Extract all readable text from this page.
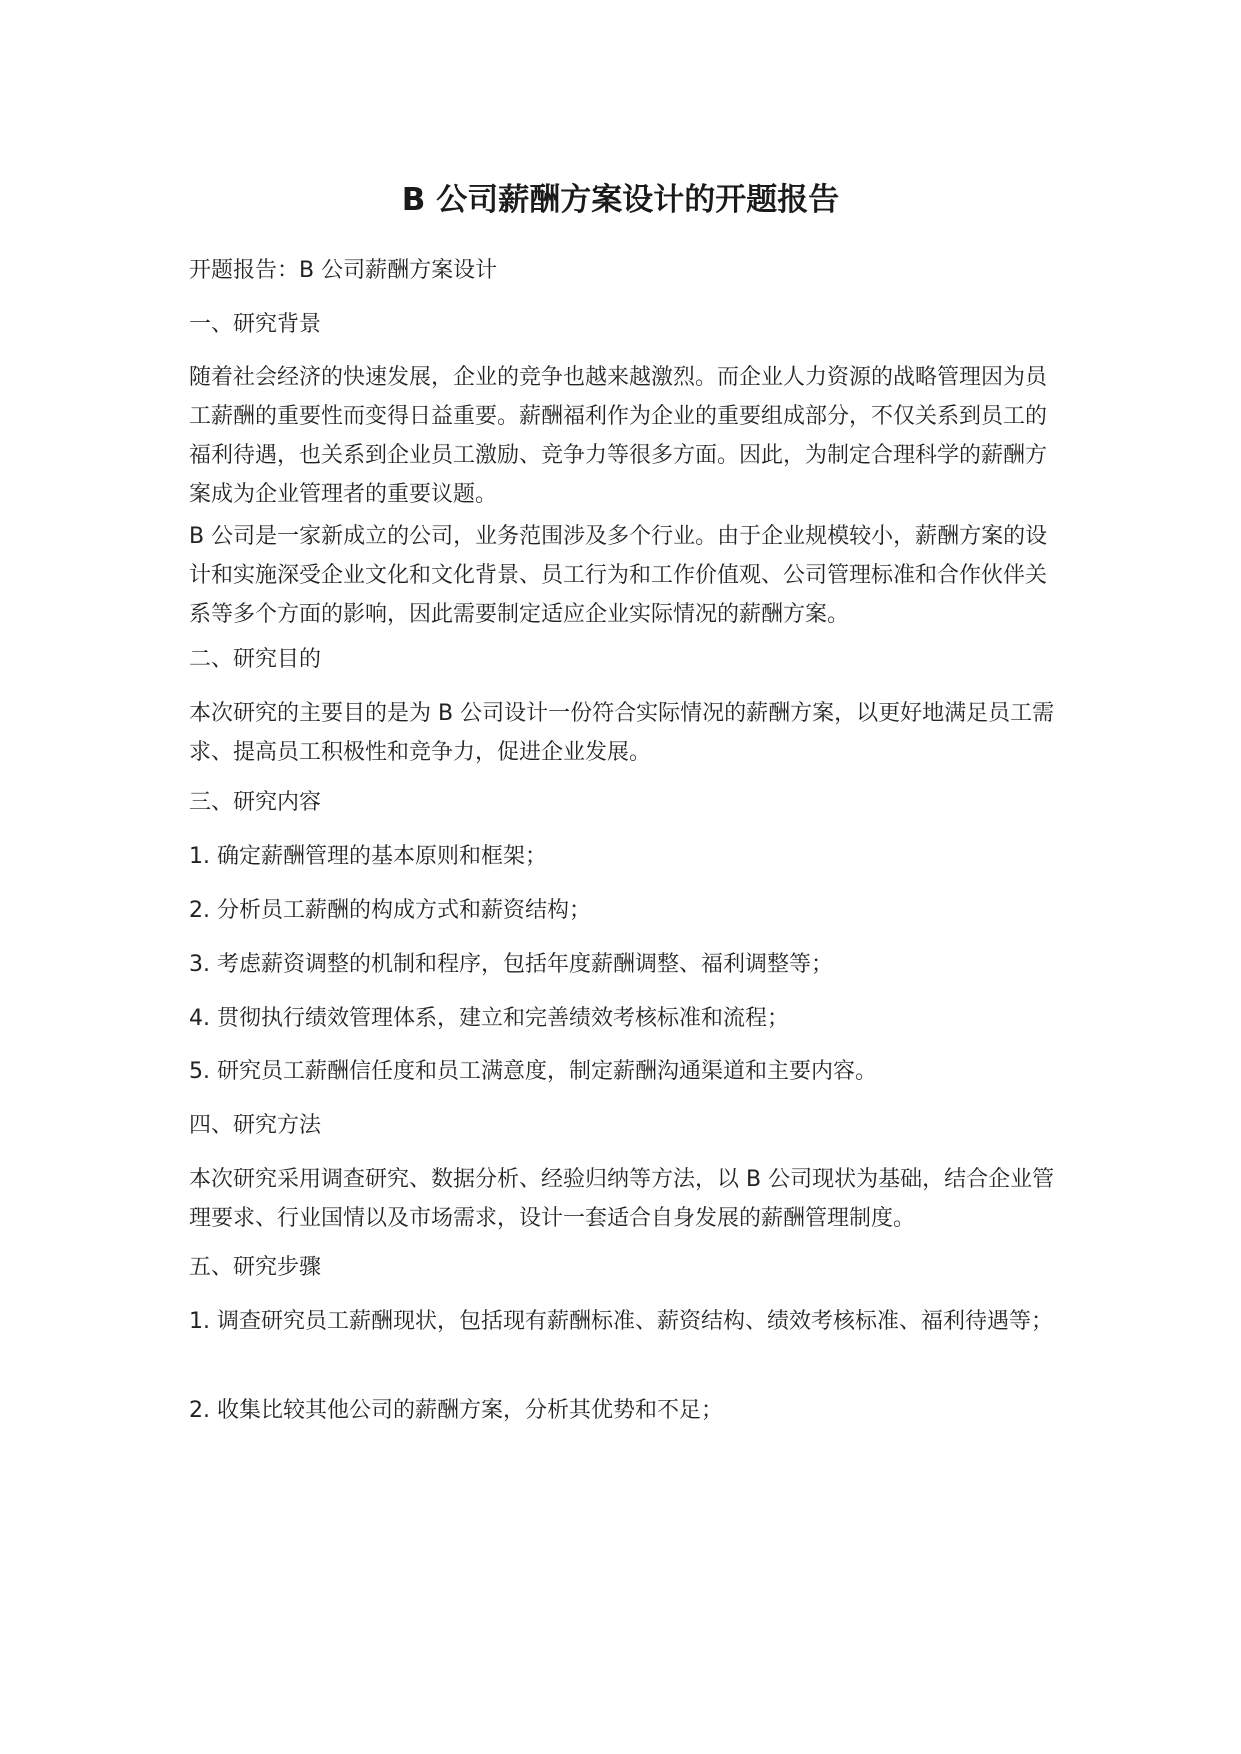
B 公司薪酬方案设计的开题报告

开题报告：B 公司薪酬方案设计

一、研究背景

随着社会经济的快速发展，企业的竞争也越来越激烈。而企业人力资源的战略管理因为员工薪酬的重要性而变得日益重要。薪酬福利作为企业的重要组成部分，不仅关系到员工的福利待遇，也关系到企业员工激励、竞争力等很多方面。因此，为制定合理科学的薪酬方案成为企业管理者的重要议题。

B 公司是一家新成立的公司，业务范围涉及多个行业。由于企业规模较小，薪酬方案的设计和实施深受企业文化和文化背景、员工行为和工作价值观、公司管理标准和合作伙伴关系等多个方面的影响，因此需要制定适应企业实际情况的薪酬方案。

二、研究目的

本次研究的主要目的是为 B 公司设计一份符合实际情况的薪酬方案，以更好地满足员工需求、提高员工积极性和竞争力，促进企业发展。

三、研究内容

1. 确定薪酬管理的基本原则和框架；

2. 分析员工薪酬的构成方式和薪资结构；

3. 考虑薪资调整的机制和程序，包括年度薪酬调整、福利调整等；

4. 贯彻执行绩效管理体系，建立和完善绩效考核标准和流程；

5. 研究员工薪酬信任度和员工满意度，制定薪酬沟通渠道和主要内容。

四、研究方法

本次研究采用调查研究、数据分析、经验归纳等方法，以 B 公司现状为基础，结合企业管理要求、行业国情以及市场需求，设计一套适合自身发展的薪酬管理制度。

五、研究步骤

1. 调查研究员工薪酬现状，包括现有薪酬标准、薪资结构、绩效考核标准、福利待遇等；

2. 收集比较其他公司的薪酬方案，分析其优势和不足；
